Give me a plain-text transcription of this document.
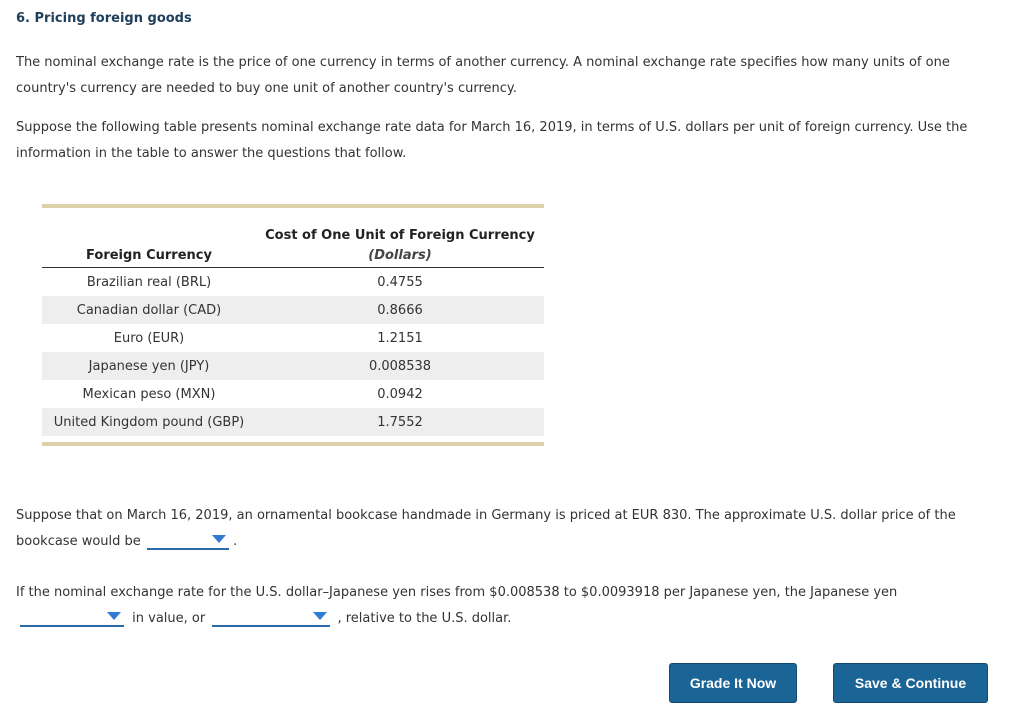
6. Pricing foreign goods

The nominal exchange rate is the price of one currency in terms of another currency. A nominal exchange rate specifies how many units of one country's currency are needed to buy one unit of another country's currency.

Suppose the following table presents nominal exchange rate data for March 16, 2019, in terms of U.S. dollars per unit of foreign currency. Use the information in the table to answer the questions that follow.

	Cost of One Unit of Foreign Currency
Foreign Currency	(Dollars)
Brazilian real (BRL)	0.4755
Canadian dollar (CAD)	0.8666
Euro (EUR)	1.2151
Japanese yen (JPY)	0.008538
Mexican peso (MXN)	0.0942
United Kingdom pound (GBP)	1.7552

Suppose that on March 16, 2019, an ornamental bookcase handmade in Germany is priced at EUR 830. The approximate U.S. dollar price of the bookcase would be	.

If the nominal exchange rate for the U.S. dollar–Japanese yen rises from $0.008538 to $0.0093918 per Japanese yen, the Japanese yen

in value, or	, relative to the U.S. dollar.

Grade It Now	Save & Continue
